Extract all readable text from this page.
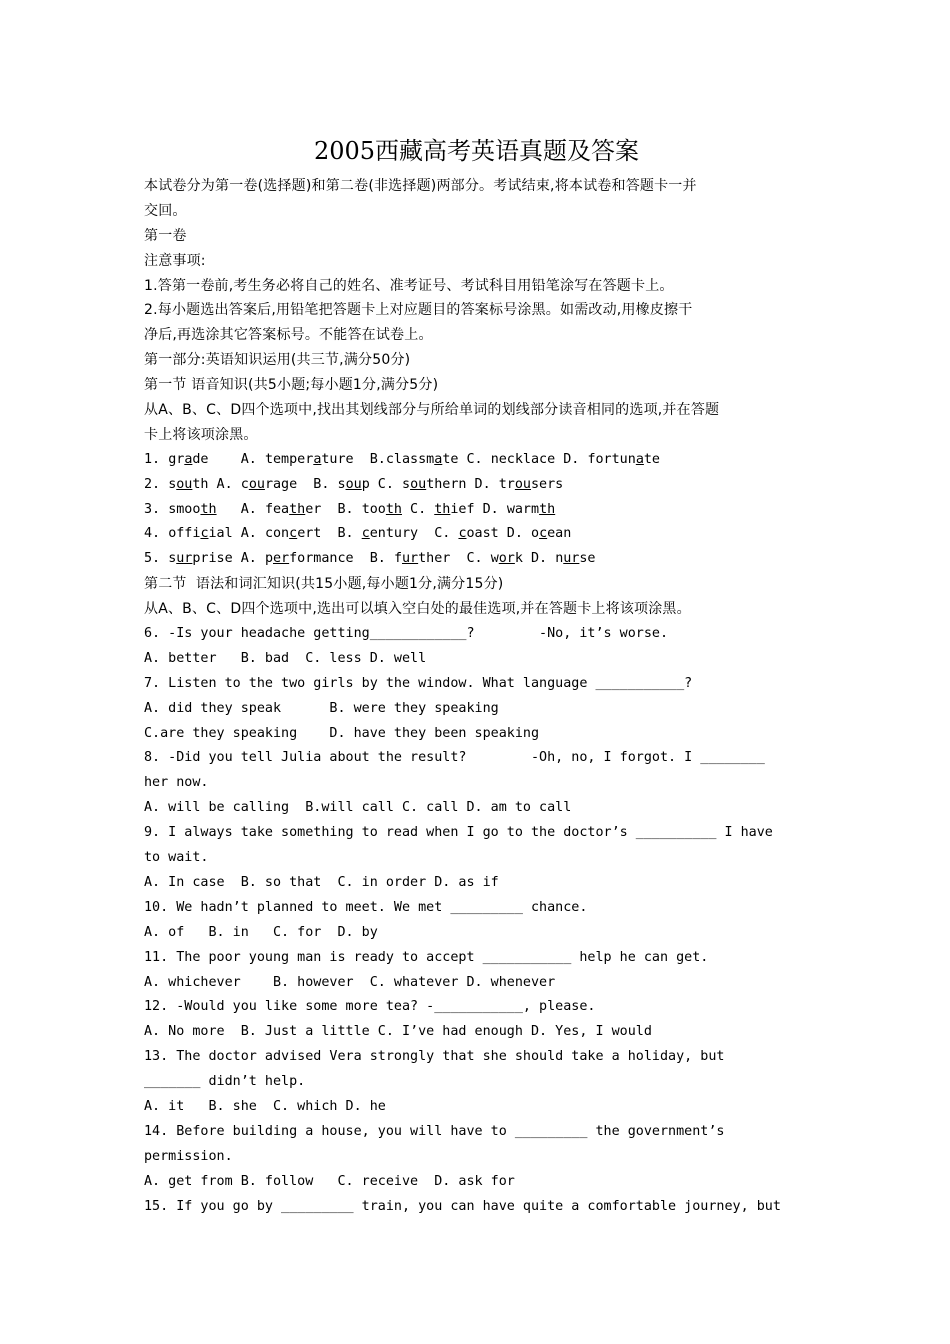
2005西藏高考英语真题及答案
本试卷分为第一卷(选择题)和第二卷(非选择题)两部分。考试结束,将本试卷和答题卡一并
交回。
第一卷
注意事项:
1.答第一卷前,考生务必将自己的姓名、准考证号、考试科目用铅笔涂写在答题卡上。
2.每小题选出答案后,用铅笔把答题卡上对应题目的答案标号涂黑。如需改动,用橡皮擦干
净后,再选涂其它答案标号。不能答在试卷上。
第一部分:英语知识运用(共三节,满分50分)
第一节 语音知识(共5小题;每小题1分,满分5分)
从A、B、C、D四个选项中,找出其划线部分与所给单词的划线部分读音相同的选项,并在答题
卡上将该项涂黑。
1. grade    A. temperature  B.classmate C. necklace D. fortunate
2. south A. courage  B. soup C. southern D. trousers
3. smooth   A. feather  B. tooth C. thief D. warmth
4. official A. concert  B. century  C. coast D. ocean
5. surprise A. performance  B. further  C. work D. nurse
第二节  语法和词汇知识(共15小题,每小题1分,满分15分)
从A、B、C、D四个选项中,选出可以填入空白处的最佳选项,并在答题卡上将该项涂黑。
6. -Is your headache getting____________?        -No, it’s worse.
A. better   B. bad  C. less D. well
7. Listen to the two girls by the window. What language ___________?
A. did they speak      B. were they speaking
C.are they speaking    D. have they been speaking
8. -Did you tell Julia about the result?        -Oh, no, I forgot. I ________
her now.
A. will be calling  B.will call C. call D. am to call
9. I always take something to read when I go to the doctor’s __________ I have
to wait.
A. In case  B. so that  C. in order D. as if
10. We hadn’t planned to meet. We met _________ chance.
A. of   B. in   C. for  D. by
11. The poor young man is ready to accept ___________ help he can get.
A. whichever    B. however  C. whatever D. whenever
12. -Would you like some more tea? -___________, please.
A. No more  B. Just a little C. I’ve had enough D. Yes, I would
13. The doctor advised Vera strongly that she should take a holiday, but
_______ didn’t help.
A. it   B. she  C. which D. he
14. Before building a house, you will have to _________ the government’s
permission.
A. get from B. follow   C. receive  D. ask for
15. If you go by _________ train, you can have quite a comfortable journey, but
